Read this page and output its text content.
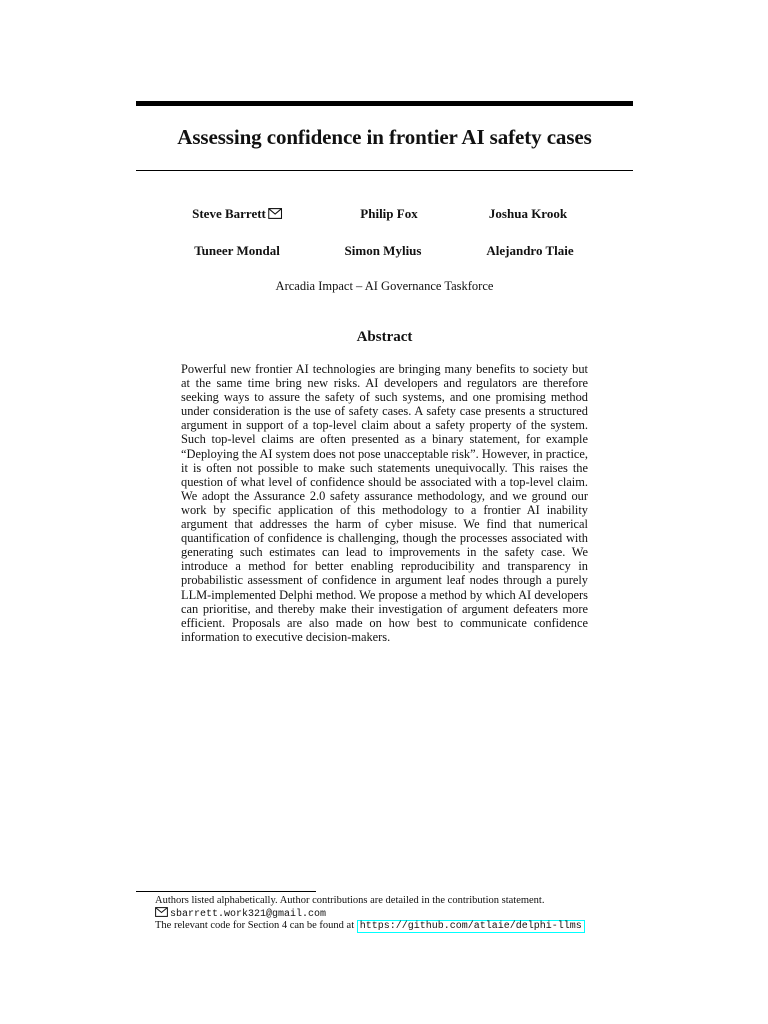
Assessing confidence in frontier AI safety cases
Steve Barrett	Philip Fox	Joshua Krook
Tuneer Mondal	Simon Mylius	Alejandro Tlaie
Arcadia Impact – AI Governance Taskforce
Abstract
Powerful new frontier AI technologies are bringing many benefits to society but at the same time bring new risks. AI developers and regulators are therefore seeking ways to assure the safety of such systems, and one promising method under consideration is the use of safety cases. A safety case presents a structured argument in support of a top-level claim about a safety property of the system. Such top-level claims are often presented as a binary statement, for example “Deploying the AI system does not pose unacceptable risk”. However, in practice, it is often not possible to make such statements unequivocally. This raises the question of what level of confidence should be associated with a top-level claim. We adopt the Assurance 2.0 safety assurance methodology, and we ground our work by specific application of this methodology to a frontier AI inability argument that addresses the harm of cyber misuse. We find that numerical quantification of confidence is challenging, though the processes associated with generating such estimates can lead to improvements in the safety case. We introduce a method for better enabling reproducibility and transparency in probabilistic assessment of confidence in argument leaf nodes through a purely LLM-implemented Delphi method. We propose a method by which AI developers can prioritise, and thereby make their investigation of argument defeaters more efficient. Proposals are also made on how best to communicate confidence information to executive decision-makers.
Authors listed alphabetically. Author contributions are detailed in the contribution statement.
sbarrett.work321@gmail.com
The relevant code for Section 4 can be found at https://github.com/atlaie/delphi-llms
